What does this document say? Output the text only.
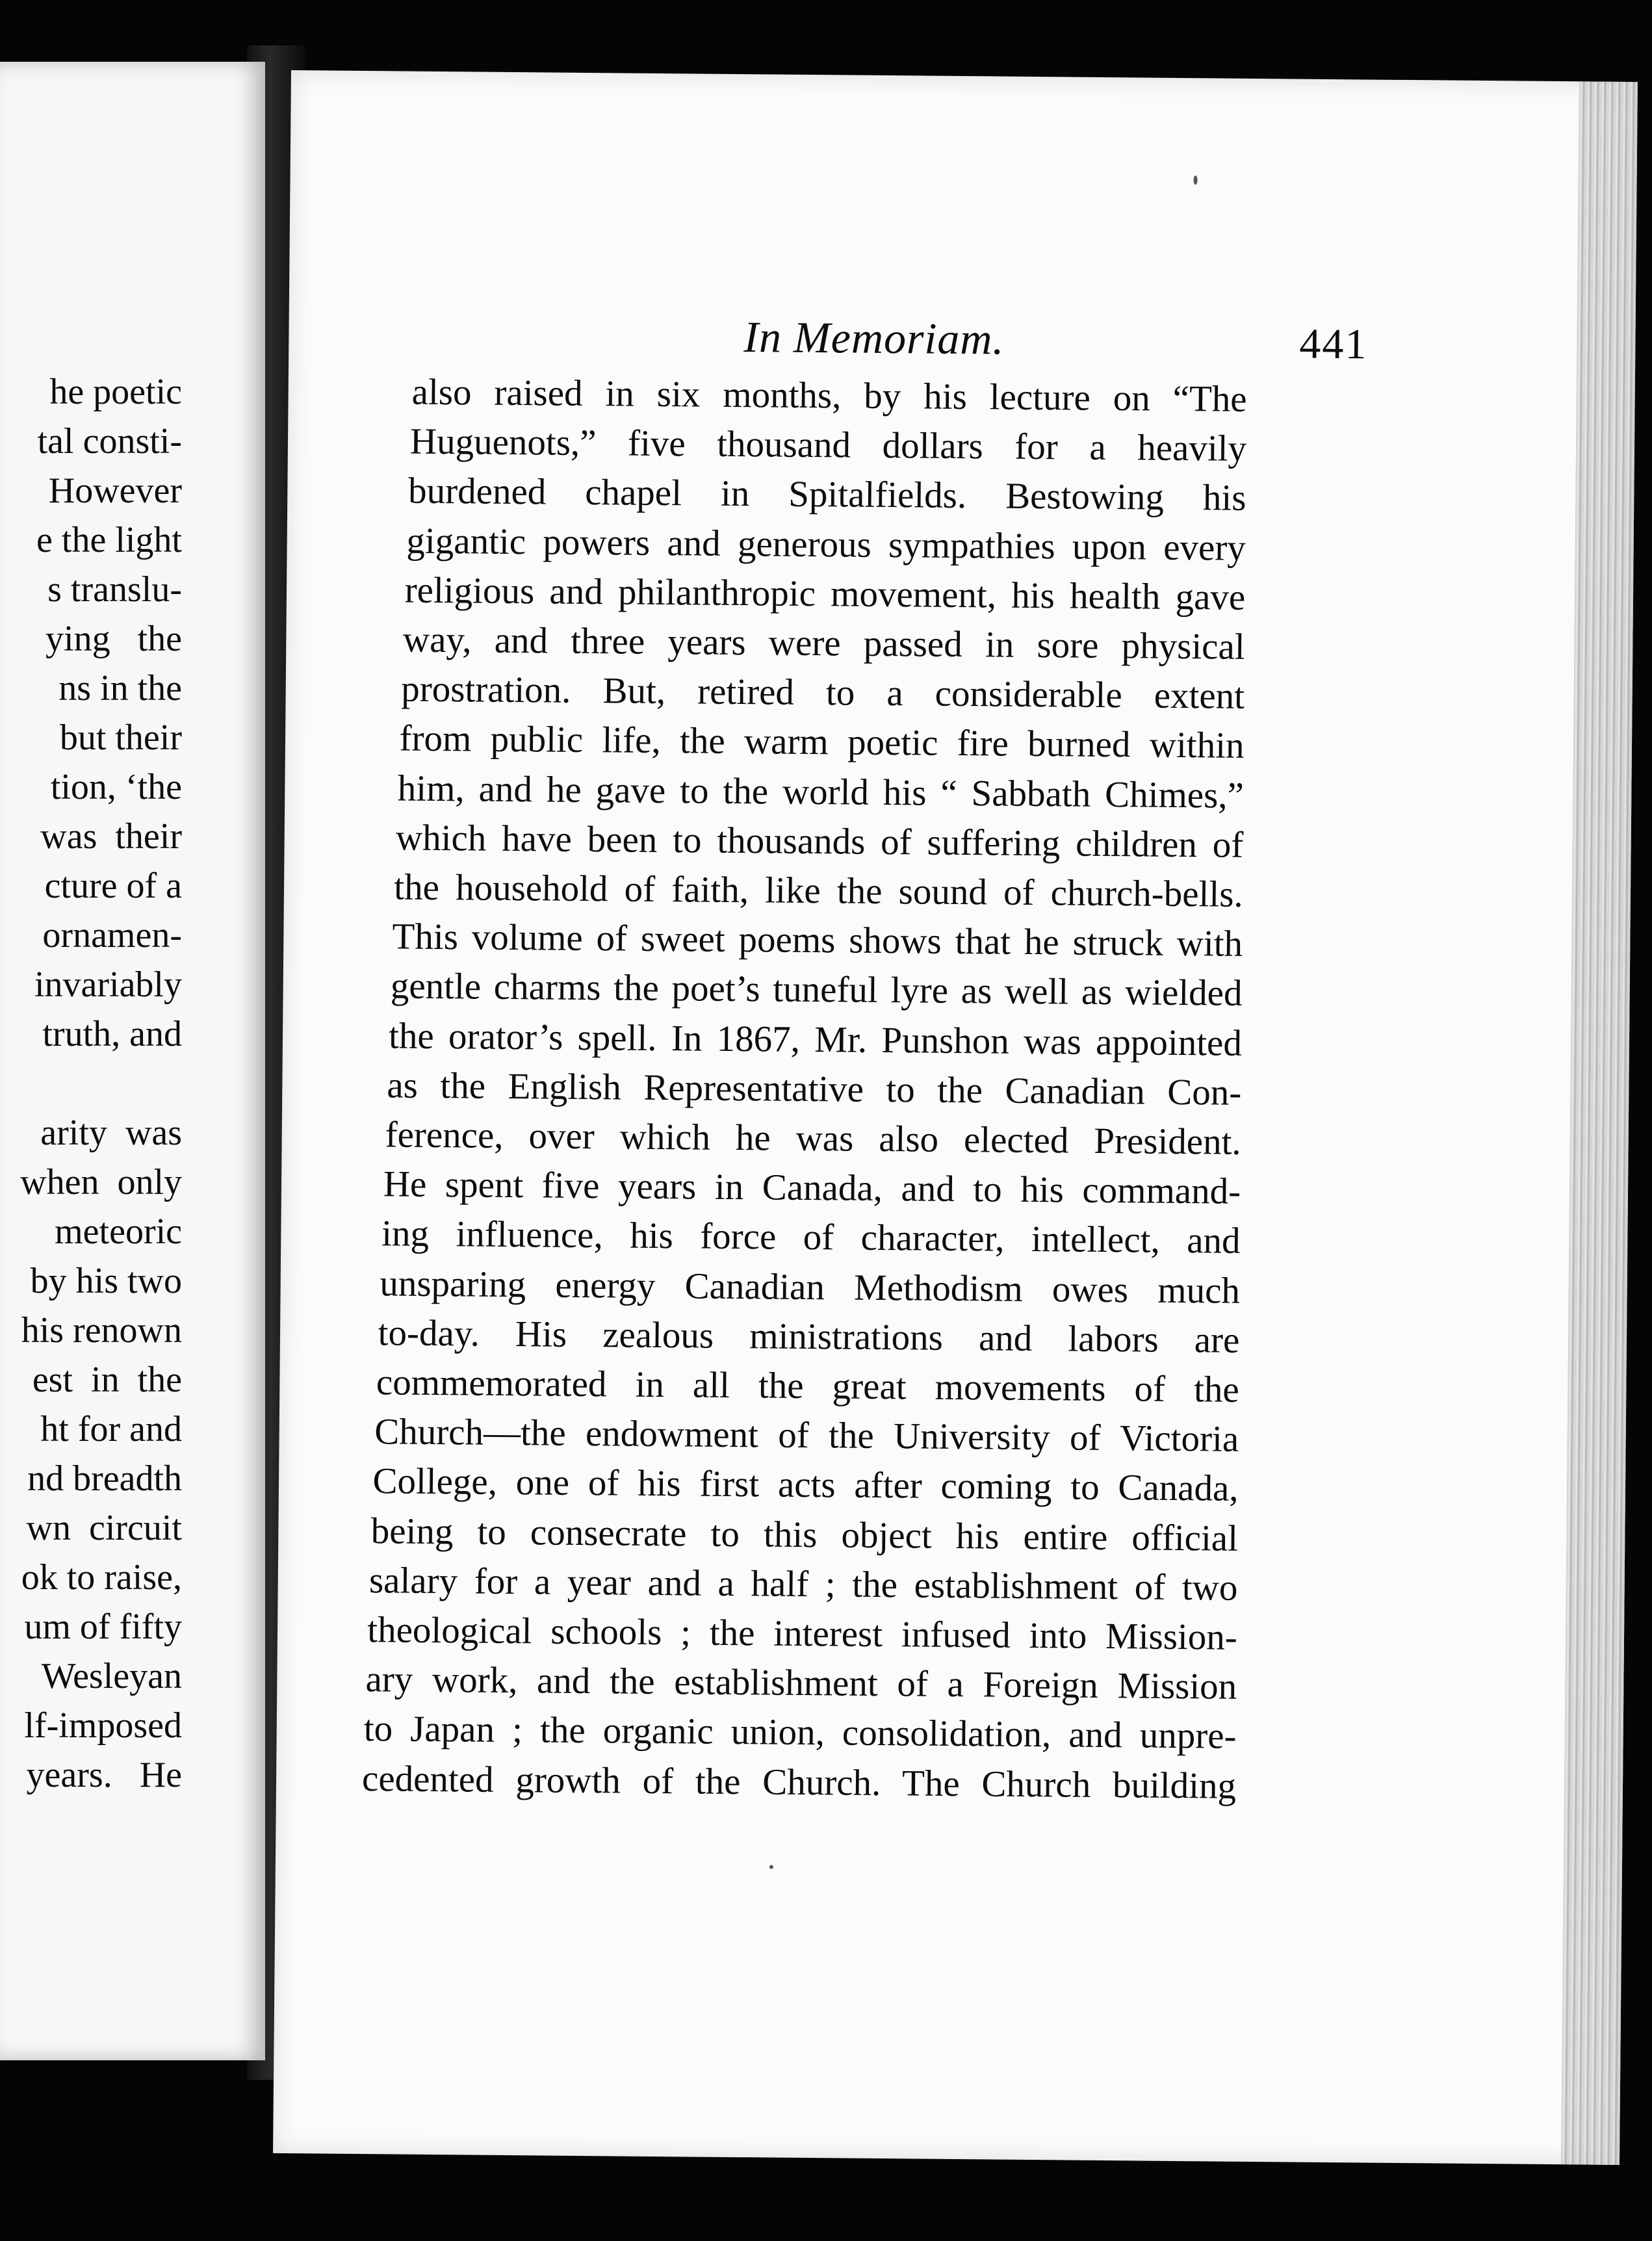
he poetic
tal consti-
However
e the light
s translu-
ying   the
ns in the
but their
tion, ‘the
was  their
cture of a
ornamen-
invariably
truth, and
arity  was
when  only
meteoric
by his two
his renown
est  in  the
ht for and
nd breadth
wn  circuit
ok to raise,
um of fifty
Wesleyan
lf-imposed
years.   He
In Memoriam.	441
also raised in six months, by his lecture on “The
Huguenots,” five thousand dollars for a heavily
burdened chapel in Spitalfields. Bestowing his
gigantic powers and generous sympathies upon every
religious and philanthropic movement, his health gave
way, and three years were passed in sore physical
prostration. But, retired to a considerable extent
from public life, the warm poetic fire burned within
him, and he gave to the world his “ Sabbath Chimes,”
which have been to thousands of suffering children of
the household of faith, like the sound of church-bells.
This volume of sweet poems shows that he struck with
gentle charms the poet’s tuneful lyre as well as wielded
the orator’s spell. In 1867, Mr. Punshon was appointed
as the English Representative to the Canadian Con-
ference, over which he was also elected President.
He spent five years in Canada, and to his command-
ing influence, his force of character, intellect, and
unsparing energy Canadian Methodism owes much
to-day. His zealous ministrations and labors are
commemorated in all the great movements of the
Church—the endowment of the University of Victoria
College, one of his first acts after coming to Canada,
being to consecrate to this object his entire official
salary for a year and a half ; the establishment of two
theological schools ; the interest infused into Mission-
ary work, and the establishment of a Foreign Mission
to Japan ; the organic union, consolidation, and unpre-
cedented growth of the Church. The Church building
